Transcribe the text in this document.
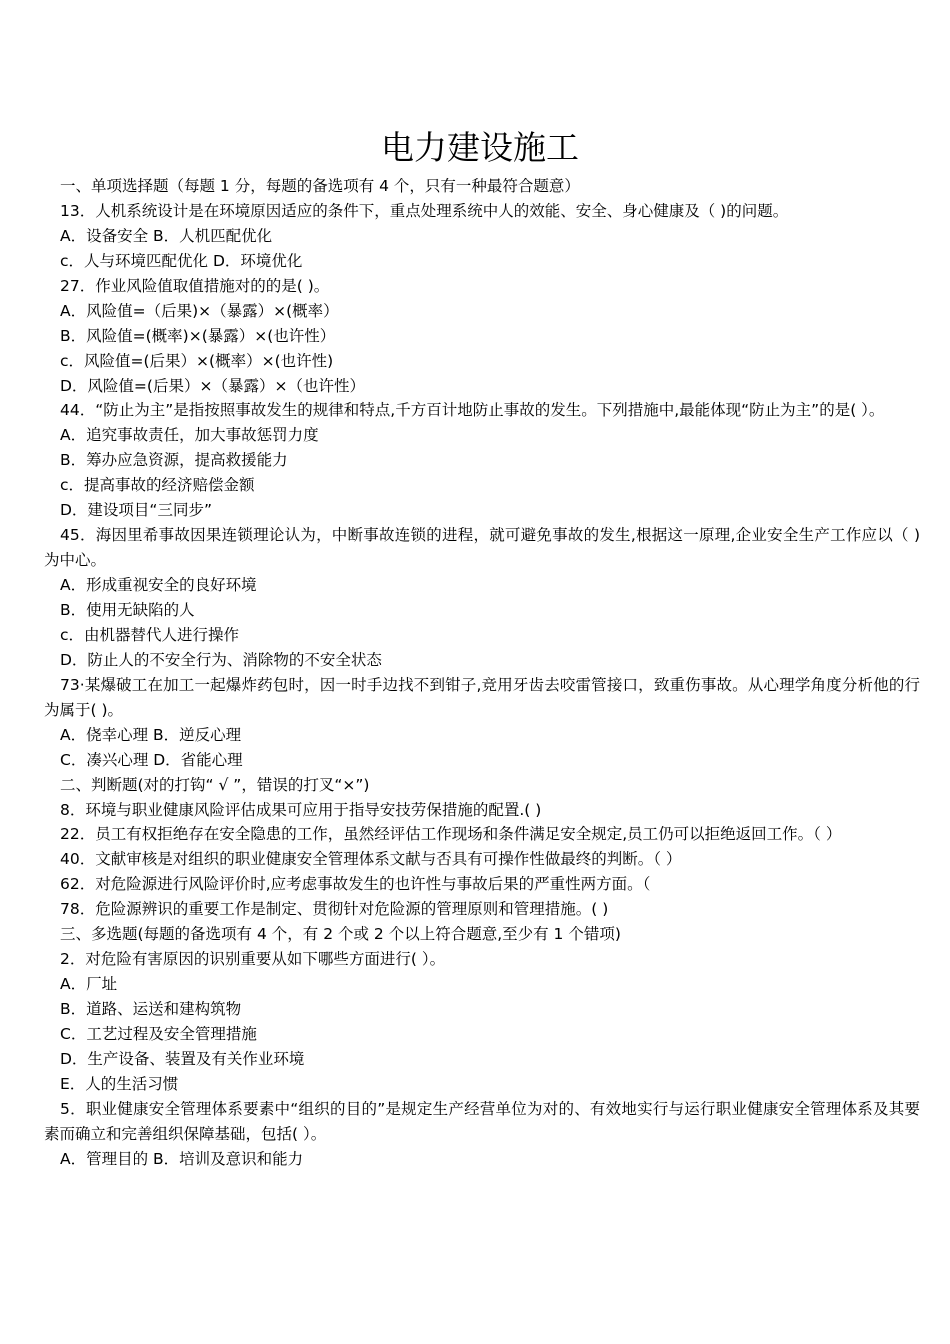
电力建设施工

一、单项选择题（每题 1 分，每题的备选项有 4 个，只有一种最符合题意）

13．人机系统设计是在环境原因适应的条件下，重点处理系统中人的效能、安全、身心健康及（ )的问题。

A．设备安全 B．人机匹配优化

c．人与环境匹配优化 D．环境优化

27．作业风险值取值措施对的的是( )。

A．风险值=（后果)×（暴露）×(概率）

B．风险值=(概率)×(暴露）×(也许性）

c．风险值=(后果）×(概率）×(也许性)

D．风险值=(后果）×（暴露）×（也许性）

44．“防止为主”是指按照事故发生的规律和特点,千方百计地防止事故的发生。下列措施中,最能体现“防止为主”的是( ）。

A．追究事故责任，加大事故惩罚力度

B．筹办应急资源，提高救援能力

c．提高事故的经济赔偿金额

D．建设项目“三同步”

45．海因里希事故因果连锁理论认为，中断事故连锁的进程，就可避免事故的发生,根据这一原理,企业安全生产工作应以（ )为中心。

A．形成重视安全的良好环境

B．使用无缺陷的人

c．由机器替代人进行操作

D．防止人的不安全行为、消除物的不安全状态

73·某爆破工在加工一起爆炸药包时，因一时手边找不到钳子,竞用牙齿去咬雷管接口，致重伤事故。从心理学角度分析他的行为属于( )。

A．侥幸心理 B．逆反心理

C．凑兴心理 D．省能心理

二、判断题(对的打钩“ √ ”，错误的打叉“×”)

8．环境与职业健康风险评估成果可应用于指导安技劳保措施的配置.( )

22．员工有权拒绝存在安全隐患的工作，虽然经评估工作现场和条件满足安全规定,员工仍可以拒绝返回工作。（ ）

40．文献审核是对组织的职业健康安全管理体系文献与否具有可操作性做最终的判断。（ ）

62．对危险源进行风险评价时,应考虑事故发生的也许性与事故后果的严重性两方面。（

78．危险源辨识的重要工作是制定、贯彻针对危险源的管理原则和管理措施。( )

三、多选题(每题的备选项有 4 个，有 2 个或 2 个以上符合题意,至少有 1 个错项)

2．对危险有害原因的识别重要从如下哪些方面进行( ）。

A．厂址

B．道路、运送和建构筑物

C．工艺过程及安全管理措施

D．生产设备、装置及有关作业环境

E．人的生活习惯

5．职业健康安全管理体系要素中“组织的目的”是规定生产经营单位为对的、有效地实行与运行职业健康安全管理体系及其要素而确立和完善组织保障基础，包括( ）。

A．管理目的 B．培训及意识和能力
